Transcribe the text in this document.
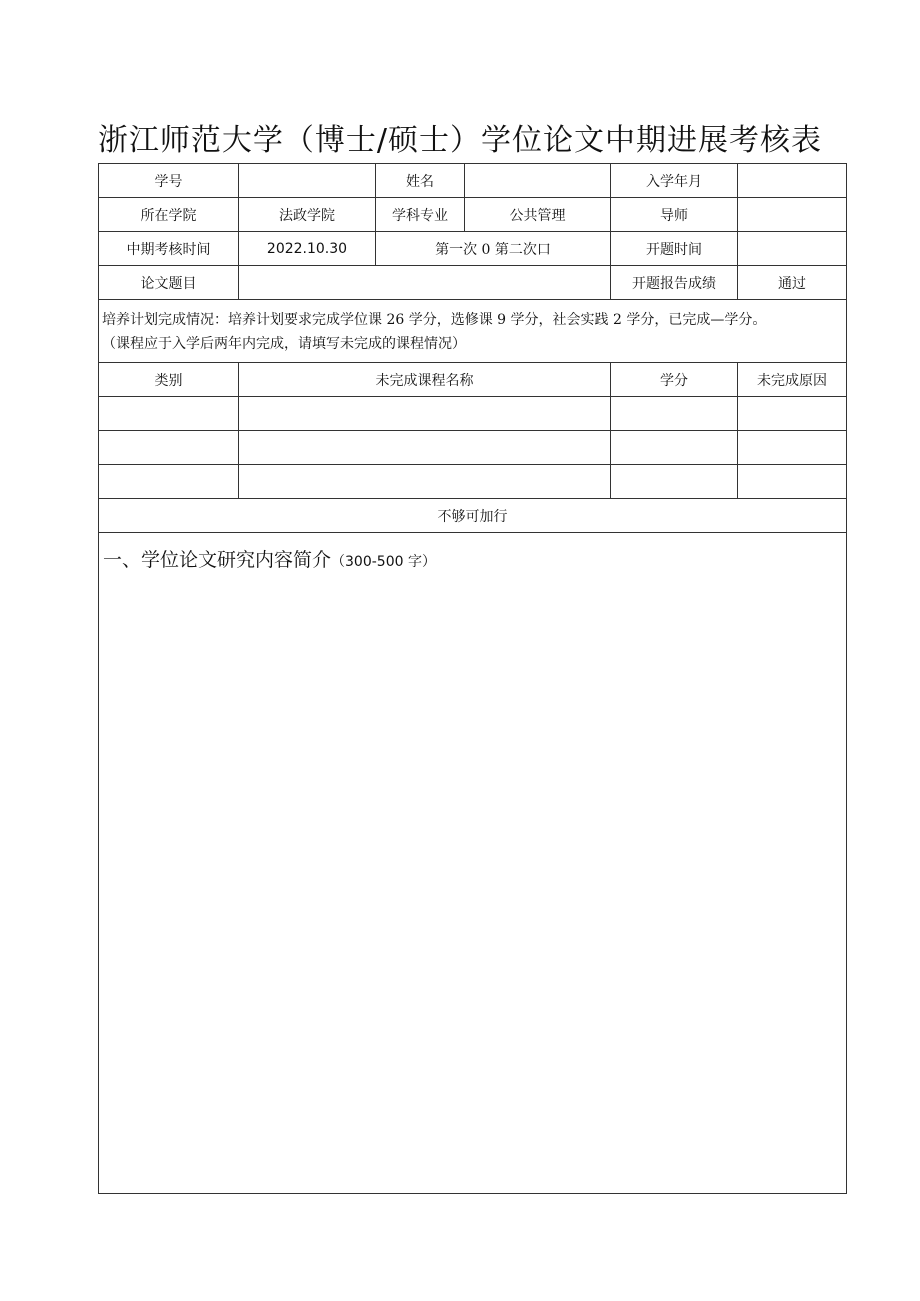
浙江师范大学（博士/硕士）学位论文中期进展考核表
学号		姓名		入学年月	
所在学院	法政学院	学科专业	公共管理	导师	
中期考核时间	2022.10.30	第一次 0 第二次口		开题时间	
论文题目				开题报告成绩	通过

培养计划完成情况：培养计划要求完成学位课 26 学分，选修课 9 学分，社会实践 2 学分，已完成—学分。
（课程应于入学后两年内完成，请填写未完成的课程情况）					

类别	未完成课程名称			学分	未完成原因

不够可加行					
一、学位论文研究内容简介（300-500 字）					
